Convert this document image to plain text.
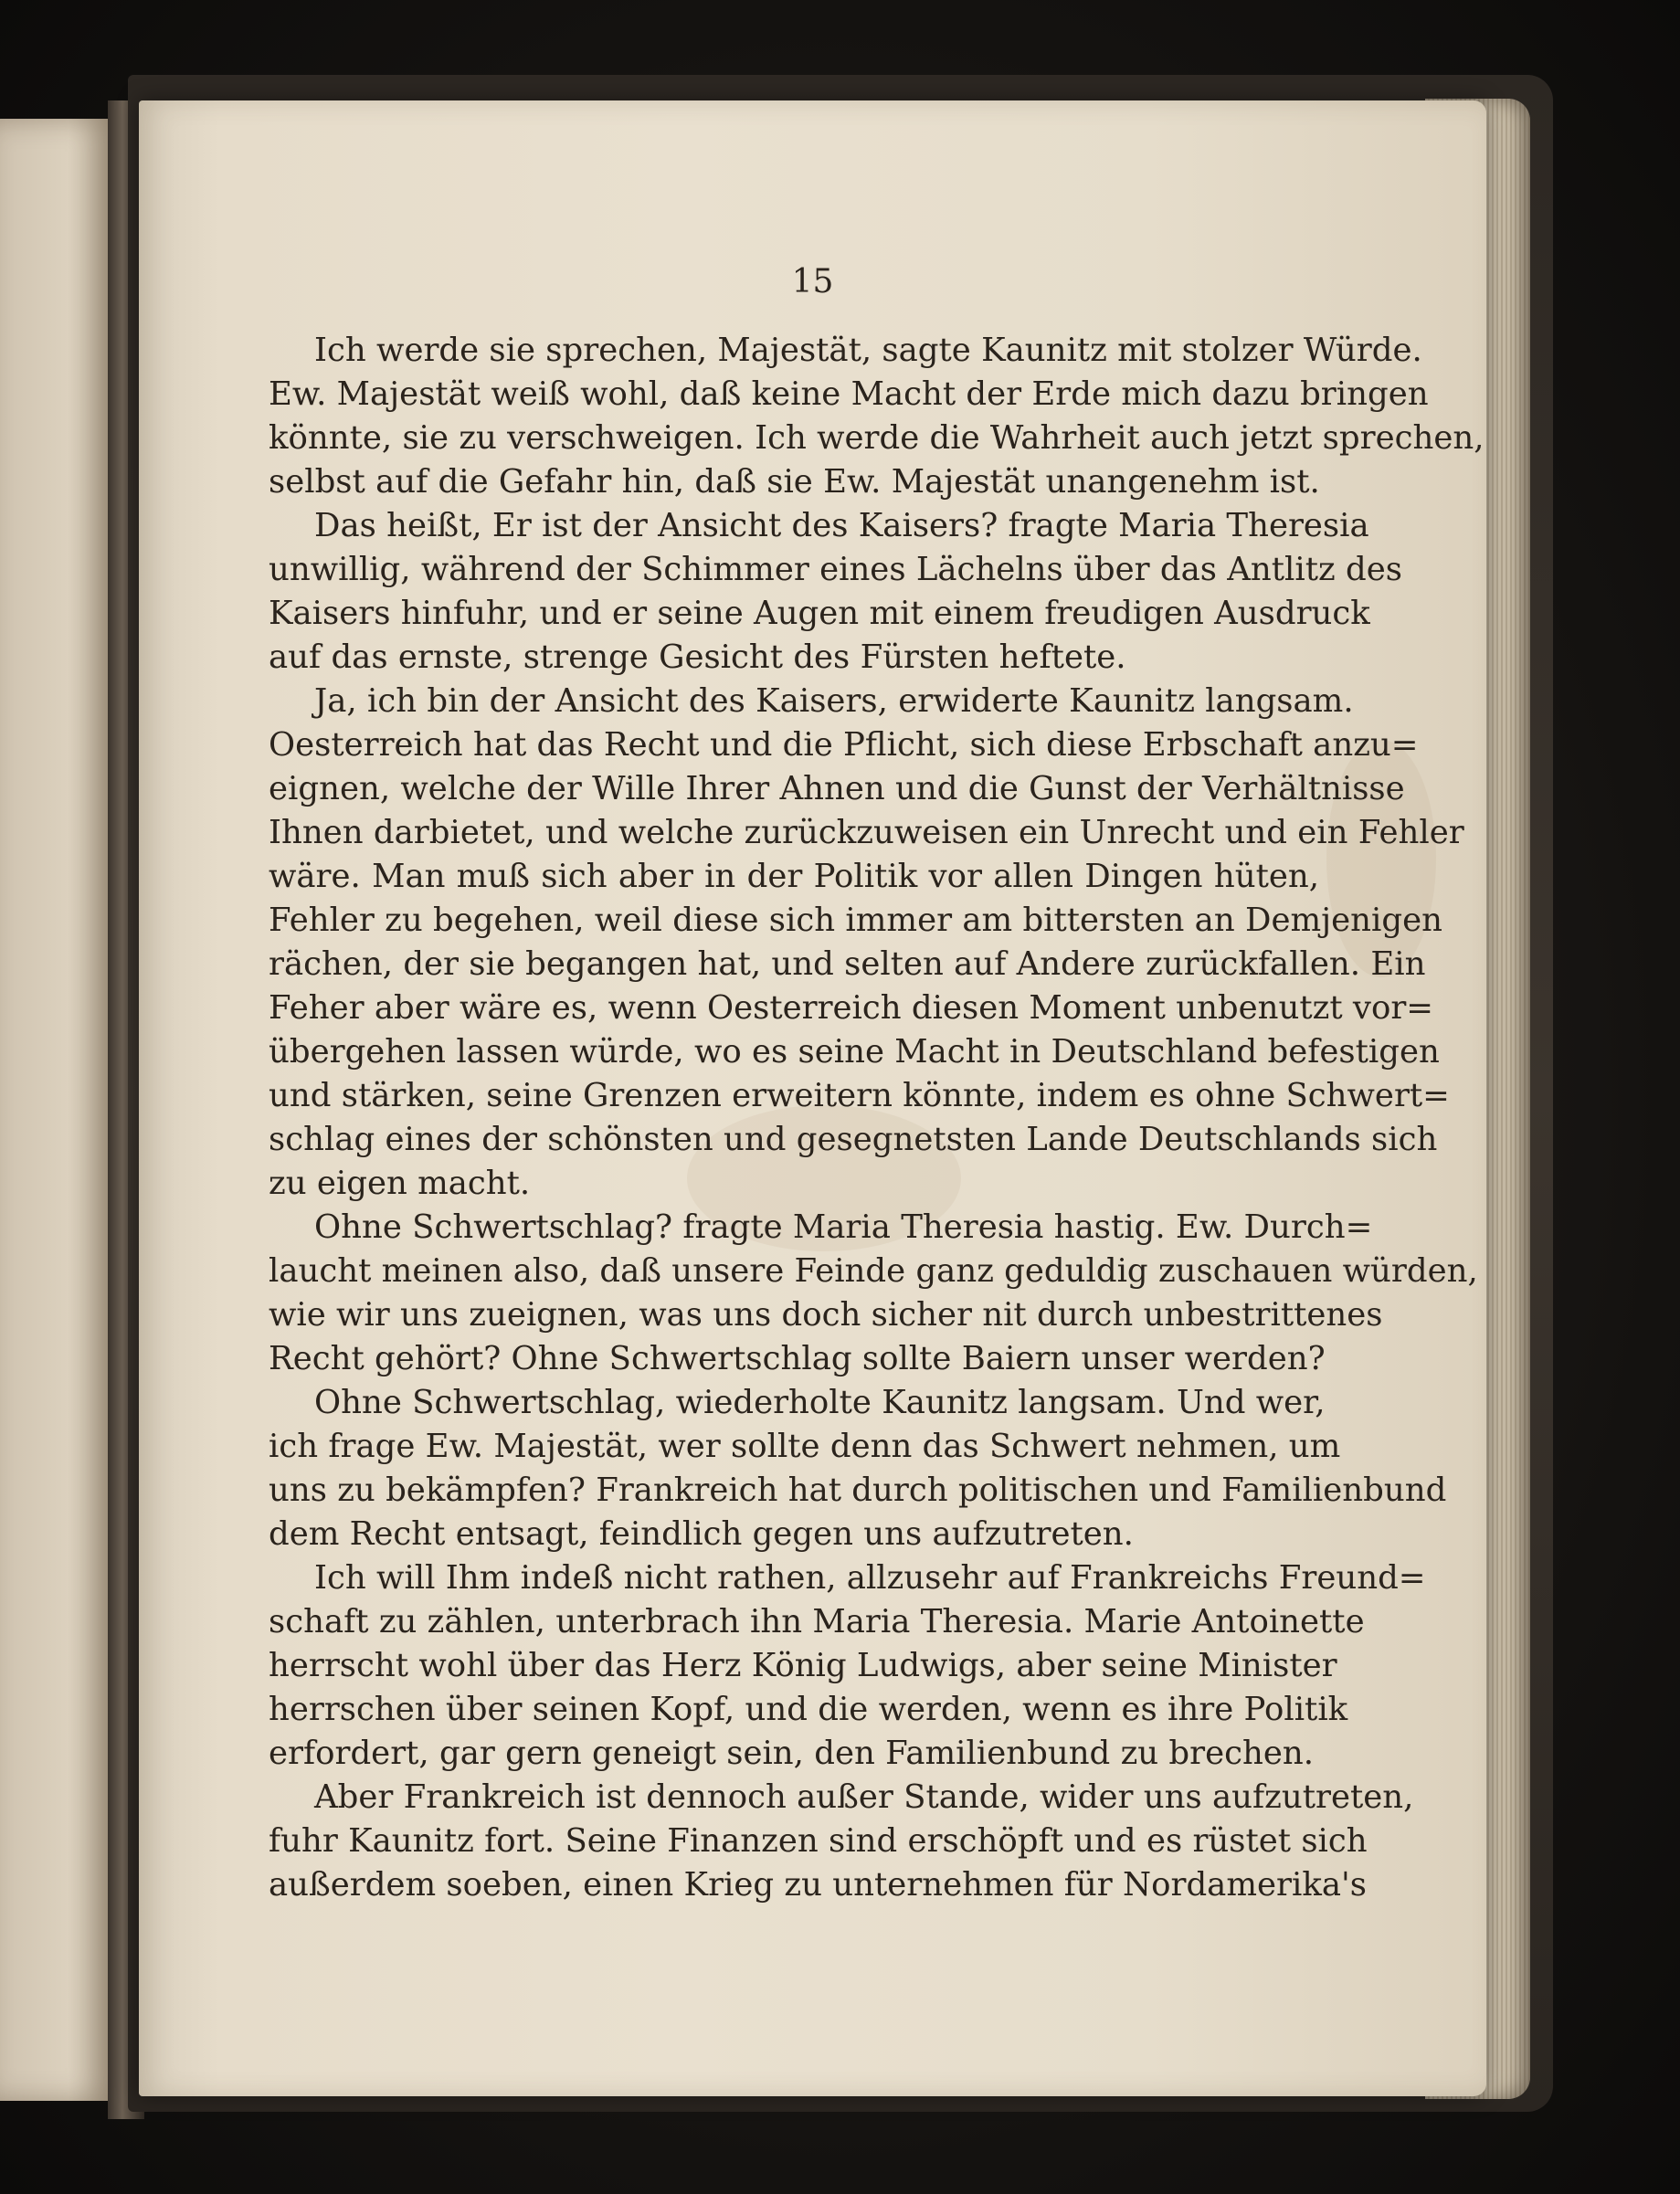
15
Ich werde sie sprechen, Majestät, sagte Kaunitz mit stolzer Würde.
Ew. Majestät weiß wohl, daß keine Macht der Erde mich dazu bringen
könnte, sie zu verschweigen. Ich werde die Wahrheit auch jetzt sprechen,
selbst auf die Gefahr hin, daß sie Ew. Majestät unangenehm ist.
Das heißt, Er ist der Ansicht des Kaisers? fragte Maria Theresia
unwillig, während der Schimmer eines Lächelns über das Antlitz des
Kaisers hinfuhr, und er seine Augen mit einem freudigen Ausdruck
auf das ernste, strenge Gesicht des Fürsten heftete.
Ja, ich bin der Ansicht des Kaisers, erwiderte Kaunitz langsam.
Oesterreich hat das Recht und die Pflicht, sich diese Erbschaft anzu=
eignen, welche der Wille Ihrer Ahnen und die Gunst der Verhältnisse
Ihnen darbietet, und welche zurückzuweisen ein Unrecht und ein Fehler
wäre. Man muß sich aber in der Politik vor allen Dingen hüten,
Fehler zu begehen, weil diese sich immer am bittersten an Demjenigen
rächen, der sie begangen hat, und selten auf Andere zurückfallen. Ein
Feher aber wäre es, wenn Oesterreich diesen Moment unbenutzt vor=
übergehen lassen würde, wo es seine Macht in Deutschland befestigen
und stärken, seine Grenzen erweitern könnte, indem es ohne Schwert=
schlag eines der schönsten und gesegnetsten Lande Deutschlands sich
zu eigen macht.
Ohne Schwertschlag? fragte Maria Theresia hastig. Ew. Durch=
laucht meinen also, daß unsere Feinde ganz geduldig zuschauen würden,
wie wir uns zueignen, was uns doch sicher nit durch unbestrittenes
Recht gehört? Ohne Schwertschlag sollte Baiern unser werden?
Ohne Schwertschlag, wiederholte Kaunitz langsam. Und wer,
ich frage Ew. Majestät, wer sollte denn das Schwert nehmen, um
uns zu bekämpfen? Frankreich hat durch politischen und Familienbund
dem Recht entsagt, feindlich gegen uns aufzutreten.
Ich will Ihm indeß nicht rathen, allzusehr auf Frankreichs Freund=
schaft zu zählen, unterbrach ihn Maria Theresia. Marie Antoinette
herrscht wohl über das Herz König Ludwigs, aber seine Minister
herrschen über seinen Kopf, und die werden, wenn es ihre Politik
erfordert, gar gern geneigt sein, den Familienbund zu brechen.
Aber Frankreich ist dennoch außer Stande, wider uns aufzutreten,
fuhr Kaunitz fort. Seine Finanzen sind erschöpft und es rüstet sich
außerdem soeben, einen Krieg zu unternehmen für Nordamerika's
